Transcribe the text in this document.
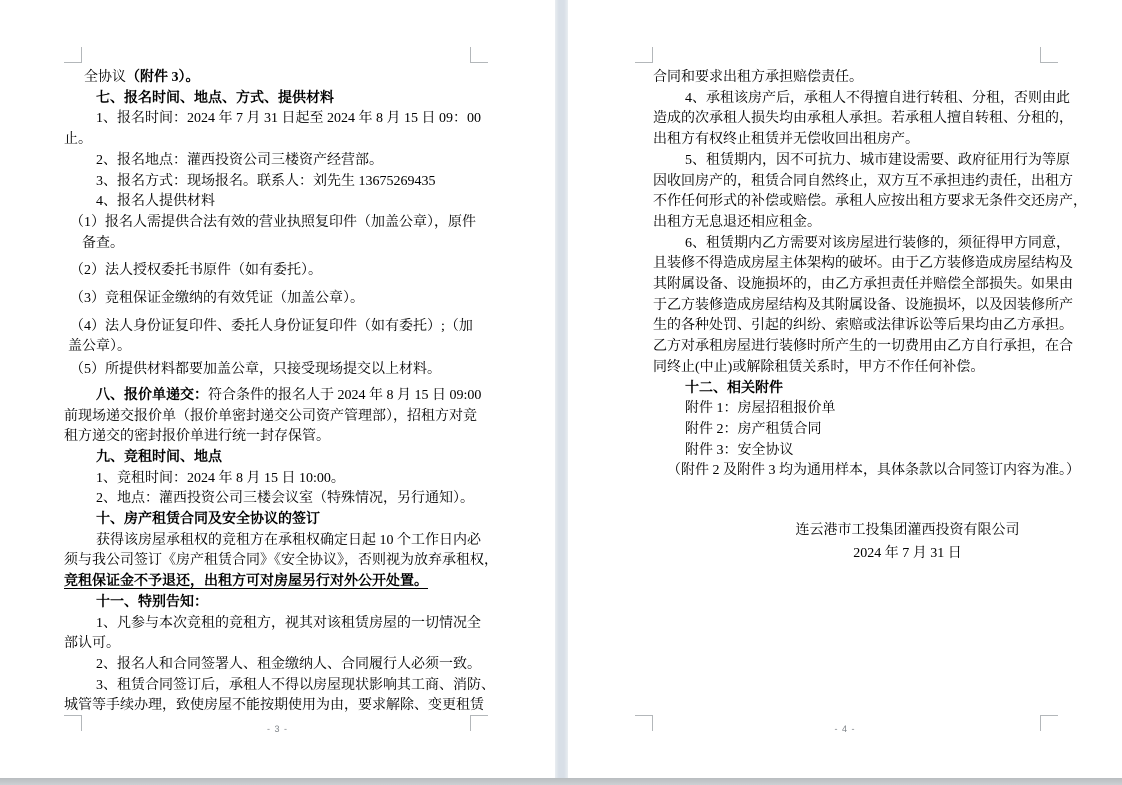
全协议（附件 3）。
七、报名时间、地点、方式、提供材料
1、报名时间：2024 年 7 月 31 日起至 2024 年 8 月 15 日 09：00
止。
2、报名地点：灌西投资公司三楼资产经营部。
3、报名方式：现场报名。联系人：刘先生 13675269435
4、报名人提供材料
（1）报名人需提供合法有效的营业执照复印件（加盖公章），原件
备查。
（2）法人授权委托书原件（如有委托）。
（3）竞租保证金缴纳的有效凭证（加盖公章）。
（4）法人身份证复印件、委托人身份证复印件（如有委托）;（加
盖公章）。
（5）所提供材料都要加盖公章，只接受现场提交以上材料。
八、报价单递交：符合条件的报名人于 2024 年 8 月 15 日 09:00
前现场递交报价单（报价单密封递交公司资产管理部），招租方对竞
租方递交的密封报价单进行统一封存保管。
九、竞租时间、地点
1、竞租时间：2024 年 8 月 15 日 10:00。
2、地点：灌西投资公司三楼会议室（特殊情况，另行通知）。
十、房产租赁合同及安全协议的签订
获得该房屋承租权的竞租方在承租权确定日起 10 个工作日内必
须与我公司签订《房产租赁合同》《安全协议》，否则视为放弃承租权，
竞租保证金不予退还，出租方可对房屋另行对外公开处置。
十一、特别告知：
1、凡参与本次竞租的竞租方，视其对该租赁房屋的一切情况全
部认可。
2、报名人和合同签署人、租金缴纳人、合同履行人必须一致。
3、租赁合同签订后，承租人不得以房屋现状影响其工商、消防、
城管等手续办理，致使房屋不能按期使用为由，要求解除、变更租赁
- 3 -
合同和要求出租方承担赔偿责任。
4、承租该房产后，承租人不得擅自进行转租、分租，否则由此
造成的次承租人损失均由承租人承担。若承租人擅自转租、分租的，
出租方有权终止租赁并无偿收回出租房产。
5、租赁期内，因不可抗力、城市建设需要、政府征用行为等原
因收回房产的，租赁合同自然终止，双方互不承担违约责任，出租方
不作任何形式的补偿或赔偿。承租人应按出租方要求无条件交还房产，
出租方无息退还相应租金。
6、租赁期内乙方需要对该房屋进行装修的，须征得甲方同意，
且装修不得造成房屋主体架构的破坏。由于乙方装修造成房屋结构及
其附属设备、设施损坏的，由乙方承担责任并赔偿全部损失。如果由
于乙方装修造成房屋结构及其附属设备、设施损坏，以及因装修所产
生的各种处罚、引起的纠纷、索赔或法律诉讼等后果均由乙方承担。
乙方对承租房屋进行装修时所产生的一切费用由乙方自行承担，在合
同终止(中止)或解除租赁关系时，甲方不作任何补偿。
十二、相关附件
附件 1：房屋招租报价单
附件 2：房产租赁合同
附件 3：安全协议
（附件 2 及附件 3 均为通用样本，具体条款以合同签订内容为准。）
连云港市工投集团灌西投资有限公司
2024 年 7 月 31 日
- 4 -
